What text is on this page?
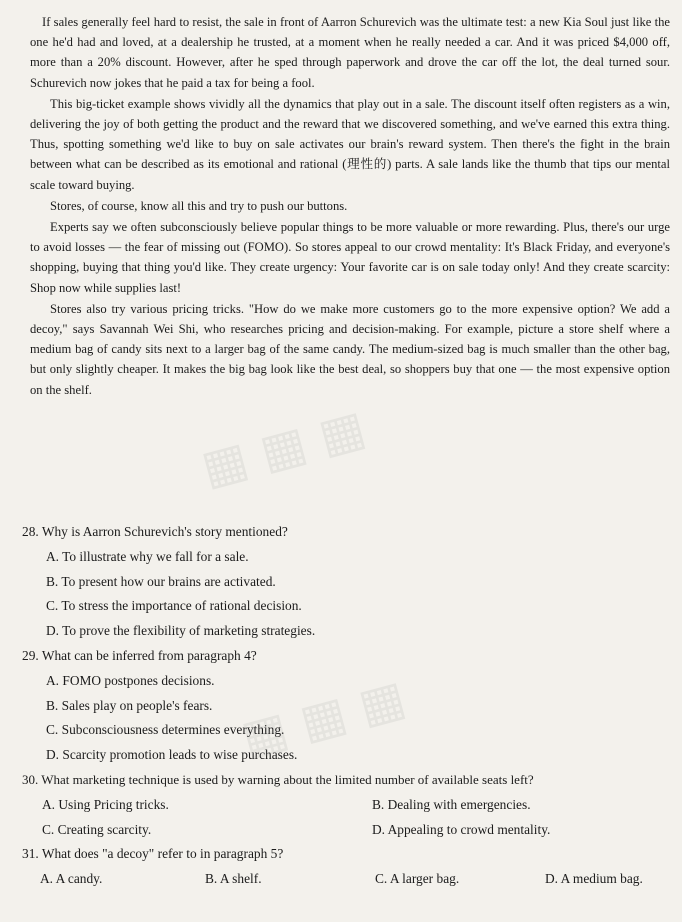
If sales generally feel hard to resist, the sale in front of Aarron Schurevich was the ultimate test: a new Kia Soul just like the one he'd had and loved, at a dealership he trusted, at a moment when he really needed a car. And it was priced $4,000 off, more than a 20% discount. However, after he sped through paperwork and drove the car off the lot, the deal turned sour. Schurevich now jokes that he paid a tax for being a fool.

This big-ticket example shows vividly all the dynamics that play out in a sale. The discount itself often registers as a win, delivering the joy of both getting the product and the reward that we discovered something, and we've earned this extra thing. Thus, spotting something we'd like to buy on sale activates our brain's reward system. Then there's the fight in the brain between what can be described as its emotional and rational (理性的) parts. A sale lands like the thumb that tips our mental scale toward buying.

Stores, of course, know all this and try to push our buttons.

Experts say we often subconsciously believe popular things to be more valuable or more rewarding. Plus, there's our urge to avoid losses — the fear of missing out (FOMO). So stores appeal to our crowd mentality: It's Black Friday, and everyone's shopping, buying that thing you'd like. They create urgency: Your favorite car is on sale today only! And they create scarcity: Shop now while supplies last!

Stores also try various pricing tricks. "How do we make more customers go to the more expensive option? We add a decoy," says Savannah Wei Shi, who researches pricing and decision-making. For example, picture a store shelf where a medium bag of candy sits next to a larger bag of the same candy. The medium-sized bag is much smaller than the other bag, but only slightly cheaper. It makes the big bag look like the best deal, so shoppers buy that one — the most expensive option on the shelf.

28. Why is Aarron Schurevich's story mentioned?

A. To illustrate why we fall for a sale.

B. To present how our brains are activated.

C. To stress the importance of rational decision.

D. To prove the flexibility of marketing strategies.

29. What can be inferred from paragraph 4?

A. FOMO postpones decisions.

B. Sales play on people's fears.

C. Subconsciousness determines everything.

D. Scarcity promotion leads to wise purchases.

30. What marketing technique is used by warning about the limited number of available seats left?

A. Using Pricing tricks.	B. Dealing with emergencies.
C. Creating scarcity.	D. Appealing to crowd mentality.

31. What does "a decoy" refer to in paragraph 5?

A. A candy.	B. A shelf.	C. A larger bag.	D. A medium bag.
▦ ▦ ▦
▦ ▦ ▦
